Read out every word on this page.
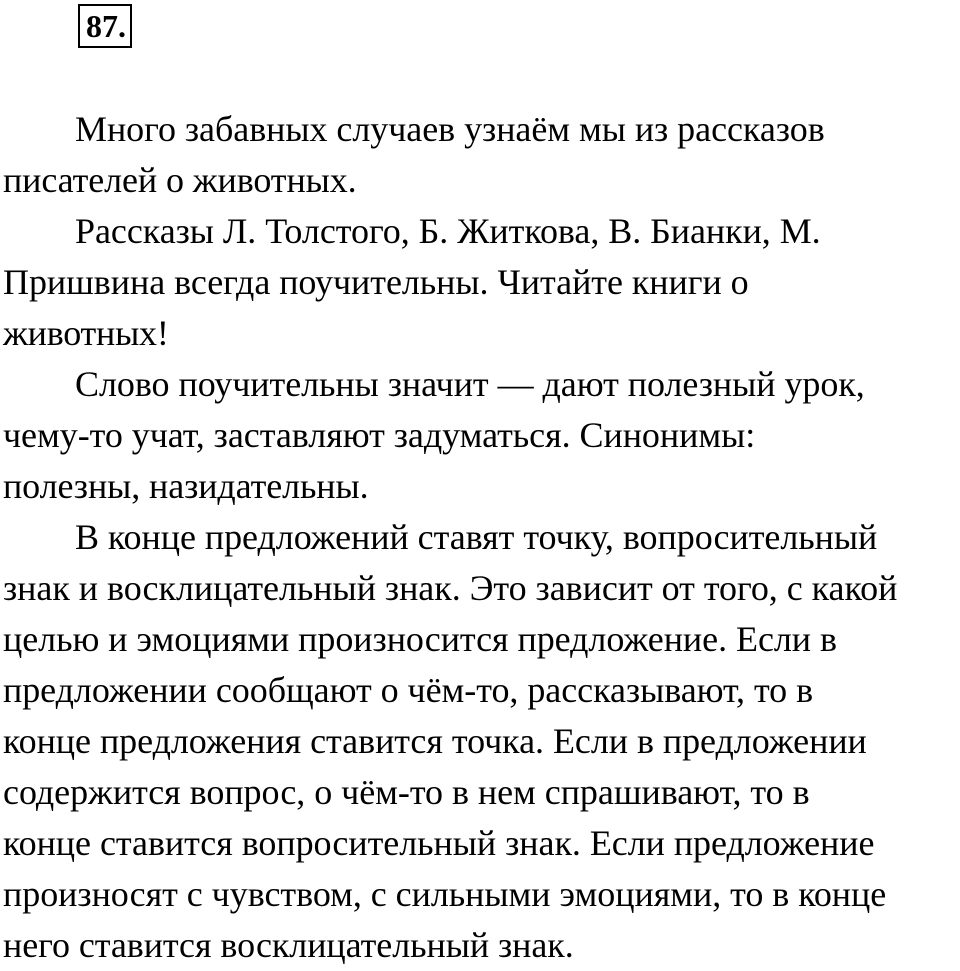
87.
Много забавных случаев узнаём мы из рассказов
писателей о животных.
Рассказы Л. Толстого, Б. Житкова, В. Бианки, М.
Пришвина всегда поучительны. Читайте книги о
животных!
Слово поучительны значит — дают полезный урок,
чему-то учат, заставляют задуматься. Синонимы:
полезны, назидательны.
В конце предложений ставят точку, вопросительный
знак и восклицательный знак. Это зависит от того, с какой
целью и эмоциями произносится предложение. Если в
предложении сообщают о чём-то, рассказывают, то в
конце предложения ставится точка. Если в предложении
содержится вопрос, о чём-то в нем спрашивают, то в
конце ставится вопросительный знак. Если предложение
произносят с чувством, с сильными эмоциями, то в конце
него ставится восклицательный знак.
